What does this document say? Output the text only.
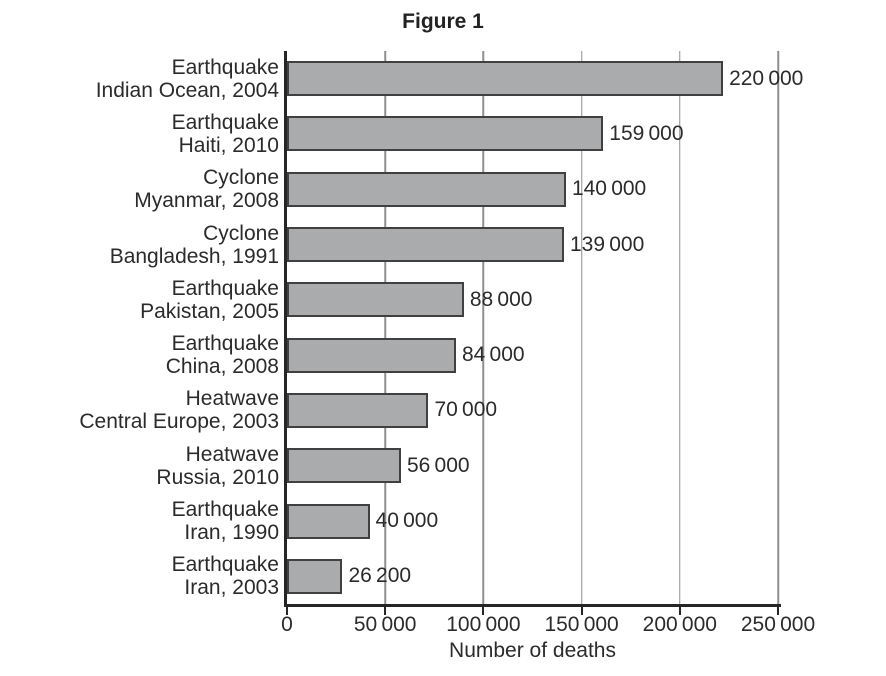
Figure 1
Earthquake
Indian Ocean, 2004
220 000
Earthquake
Haiti, 2010
159 000
Cyclone
Myanmar, 2008
140 000
Cyclone
Bangladesh, 1991
139 000
Earthquake
Pakistan, 2005
88 000
Earthquake
China, 2008
84 000
Heatwave
Central Europe, 2003
70 000
Heatwave
Russia, 2010
56 000
Earthquake
Iran, 1990
40 000
Earthquake
Iran, 2003
26 200
0	50 000 100 000 150 000 200 000 250 000
Number of deaths
